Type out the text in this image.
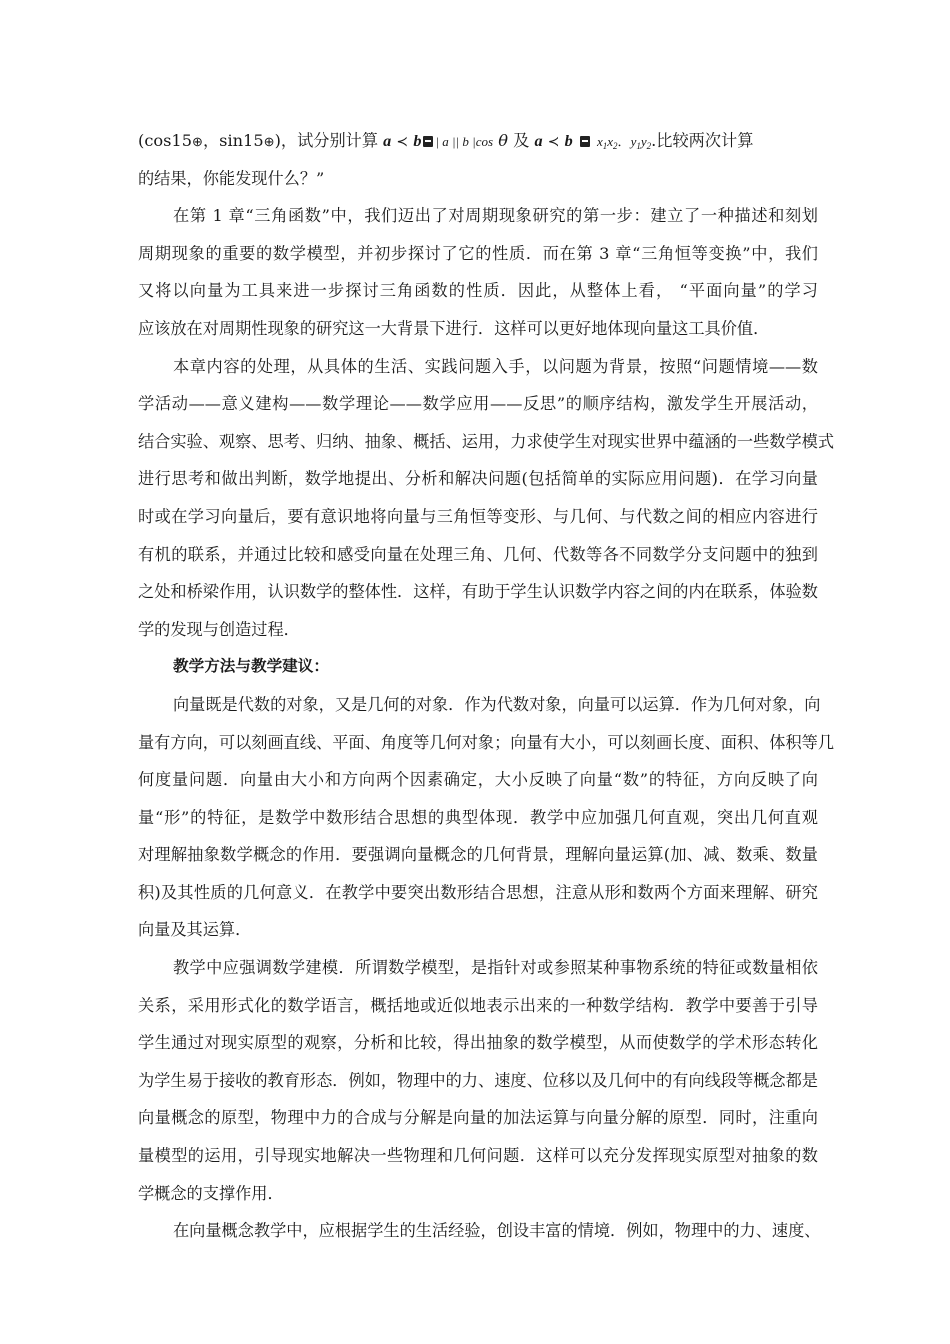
(cos15⊕，sin15⊕)，试分别计算 a ≺ b | a || b |cos θ 及 a ≺ b $x_1x_2$．$y_1y_2$.比较两次计算
的结果，你能发现什么？”
在第 1 章“三角函数”中，我们迈出了对周期现象研究的第一步：建立了一种描述和刻划
周期现象的重要的数学模型，并初步探讨了它的性质．而在第 3 章“三角恒等变换”中，我们
又将以向量为工具来进一步探讨三角函数的性质．因此，从整体上看， “平面向量”的学习
应该放在对周期性现象的研究这一大背景下进行．这样可以更好地体现向量这工具价值．
本章内容的处理，从具体的生活、实践问题入手，以问题为背景，按照“问题情境——数
学活动——意义建构——数学理论——数学应用——反思”的顺序结构，激发学生开展活动，
结合实验、观察、思考、归纳、抽象、概括、运用，力求使学生对现实世界中蕴涵的一些数学模式
进行思考和做出判断，数学地提出、分析和解决问题(包括简单的实际应用问题)．在学习向量
时或在学习向量后，要有意识地将向量与三角恒等变形、与几何、与代数之间的相应内容进行
有机的联系，并通过比较和感受向量在处理三角、几何、代数等各不同数学分支问题中的独到
之处和桥梁作用，认识数学的整体性．这样，有助于学生认识数学内容之间的内在联系，体验数
学的发现与创造过程．
教学方法与教学建议：
向量既是代数的对象，又是几何的对象．作为代数对象，向量可以运算．作为几何对象，向
量有方向，可以刻画直线、平面、角度等几何对象；向量有大小，可以刻画长度、面积、体积等几
何度量问题．向量由大小和方向两个因素确定，大小反映了向量“数”的特征，方向反映了向
量“形”的特征，是数学中数形结合思想的典型体现．教学中应加强几何直观，突出几何直观
对理解抽象数学概念的作用．要强调向量概念的几何背景，理解向量运算(加、减、数乘、数量
积)及其性质的几何意义．在教学中要突出数形结合思想，注意从形和数两个方面来理解、研究
向量及其运算．
教学中应强调数学建模．所谓数学模型，是指针对或参照某种事物系统的特征或数量相依
关系，采用形式化的数学语言，概括地或近似地表示出来的一种数学结构．教学中要善于引导
学生通过对现实原型的观察，分析和比较，得出抽象的数学模型，从而使数学的学术形态转化
为学生易于接收的教育形态．例如，物理中的力、速度、位移以及几何中的有向线段等概念都是
向量概念的原型，物理中力的合成与分解是向量的加法运算与向量分解的原型．同时，注重向
量模型的运用，引导现实地解决一些物理和几何问题．这样可以充分发挥现实原型对抽象的数
学概念的支撑作用．
在向量概念教学中，应根据学生的生活经验，创设丰富的情境．例如，物理中的力、速度、
